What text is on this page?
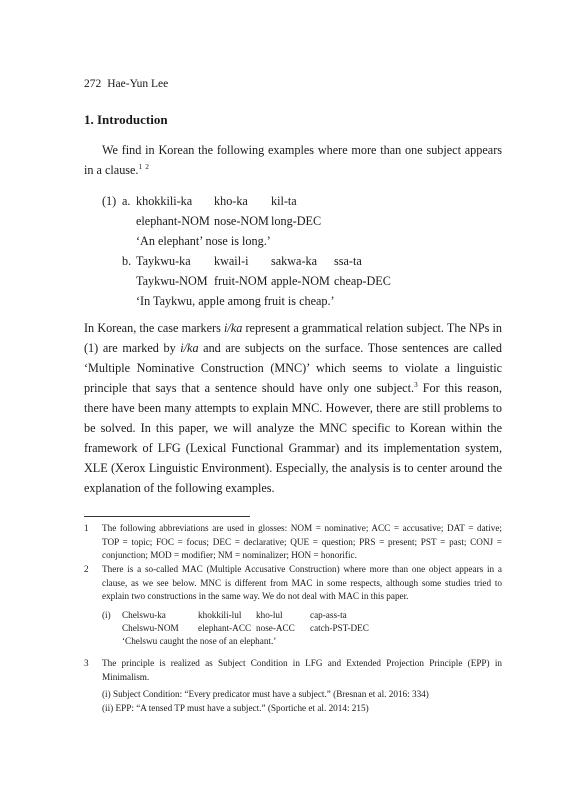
272 Hae-Yun Lee
1. Introduction
We find in Korean the following examples where more than one subject appears in a clause.$^1$ $^2$
(1) a. khokkili-ka kho-ka kil-ta
elephant-NOM nose-NOM long-DEC
‘An elephant’ nose is long.’
b. Taykwu-ka kwail-i sakwa-ka ssa-ta
Taykwu-NOM fruit-NOM apple-NOM cheap-DEC
‘In Taykwu, apple among fruit is cheap.’
In Korean, the case markers i/ka represent a grammatical relation subject. The NPs in (1) are marked by i/ka and are subjects on the surface. Those sentences are called ‘Multiple Nominative Construction (MNC)’ which seems to violate a linguistic principle that says that a sentence should have only one subject.$^3$ For this reason, there have been many attempts to explain MNC. However, there are still problems to be solved. In this paper, we will analyze the MNC specific to Korean within the framework of LFG (Lexical Functional Grammar) and its implementation system, XLE (Xerox Linguistic Environment). Especially, the analysis is to center around the explanation of the following examples.
1 The following abbreviations are used in glosses: NOM = nominative; ACC = accusative; DAT = dative; TOP = topic; FOC = focus; DEC = declarative; QUE = question; PRS = present; PST = past; CONJ = conjunction; MOD = modifier; NM = nominalizer; HON = honorific.
2 There is a so-called MAC (Multiple Accusative Construction) where more than one object appears in a clause, as we see below. MNC is different from MAC in some respects, although some studies tried to explain two constructions in the same way. We do not deal with MAC in this paper.
(i) Chelswu-ka	khokkili-lul kho-lul	cap-ass-ta
Chelswu-NOM elephant-ACC nose-ACC catch-PST-DEC
‘Chelswu caught the nose of an elephant.’
3 The principle is realized as Subject Condition in LFG and Extended Projection Principle (EPP) in Minimalism.
(i) Subject Condition: “Every predicator must have a subject.” (Bresnan et al. 2016: 334)
(ii) EPP: “A tensed TP must have a subject.” (Sportiche et al. 2014: 215)
